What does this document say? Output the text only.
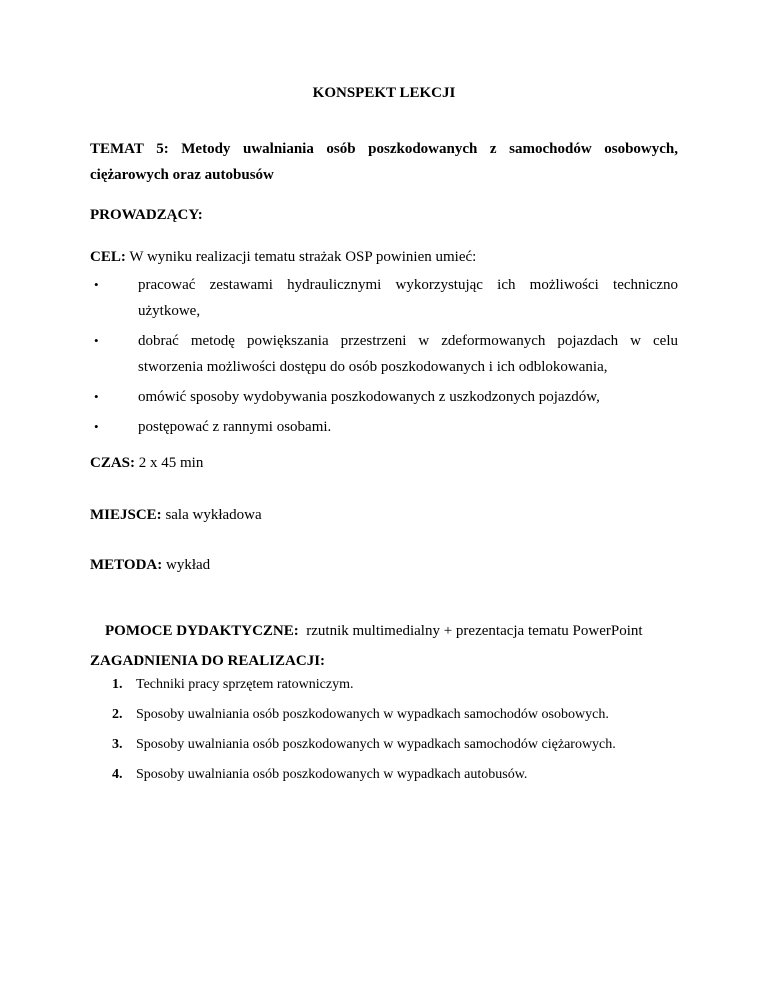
KONSPEKT LEKCJI
TEMAT 5: Metody uwalniania osób poszkodowanych z samochodów osobowych,
ciężarowych oraz autobusów
PROWADZĄCY:
CEL: W wyniku realizacji tematu strażak OSP powinien umieć:
•	pracować zestawami hydraulicznymi wykorzystując ich możliwości techniczno
użytkowe,
•	dobrać metodę powiększania przestrzeni w zdeformowanych pojazdach w celu
stworzenia możliwości dostępu do osób poszkodowanych i ich odblokowania,
•	omówić sposoby wydobywania poszkodowanych z uszkodzonych pojazdów,
•	postępować z rannymi osobami.
CZAS: 2 x 45 min
MIEJSCE: sala wykładowa
METODA: wykład

POMOCE DYDAKTYCZNE:  rzutnik multimedialny + prezentacja tematu PowerPoint

ZAGADNIENIA DO REALIZACJI:
1. Techniki pracy sprzętem ratowniczym.
2. Sposoby uwalniania osób poszkodowanych w wypadkach samochodów osobowych.
3. Sposoby uwalniania osób poszkodowanych w wypadkach samochodów ciężarowych.
4. Sposoby uwalniania osób poszkodowanych w wypadkach autobusów.
